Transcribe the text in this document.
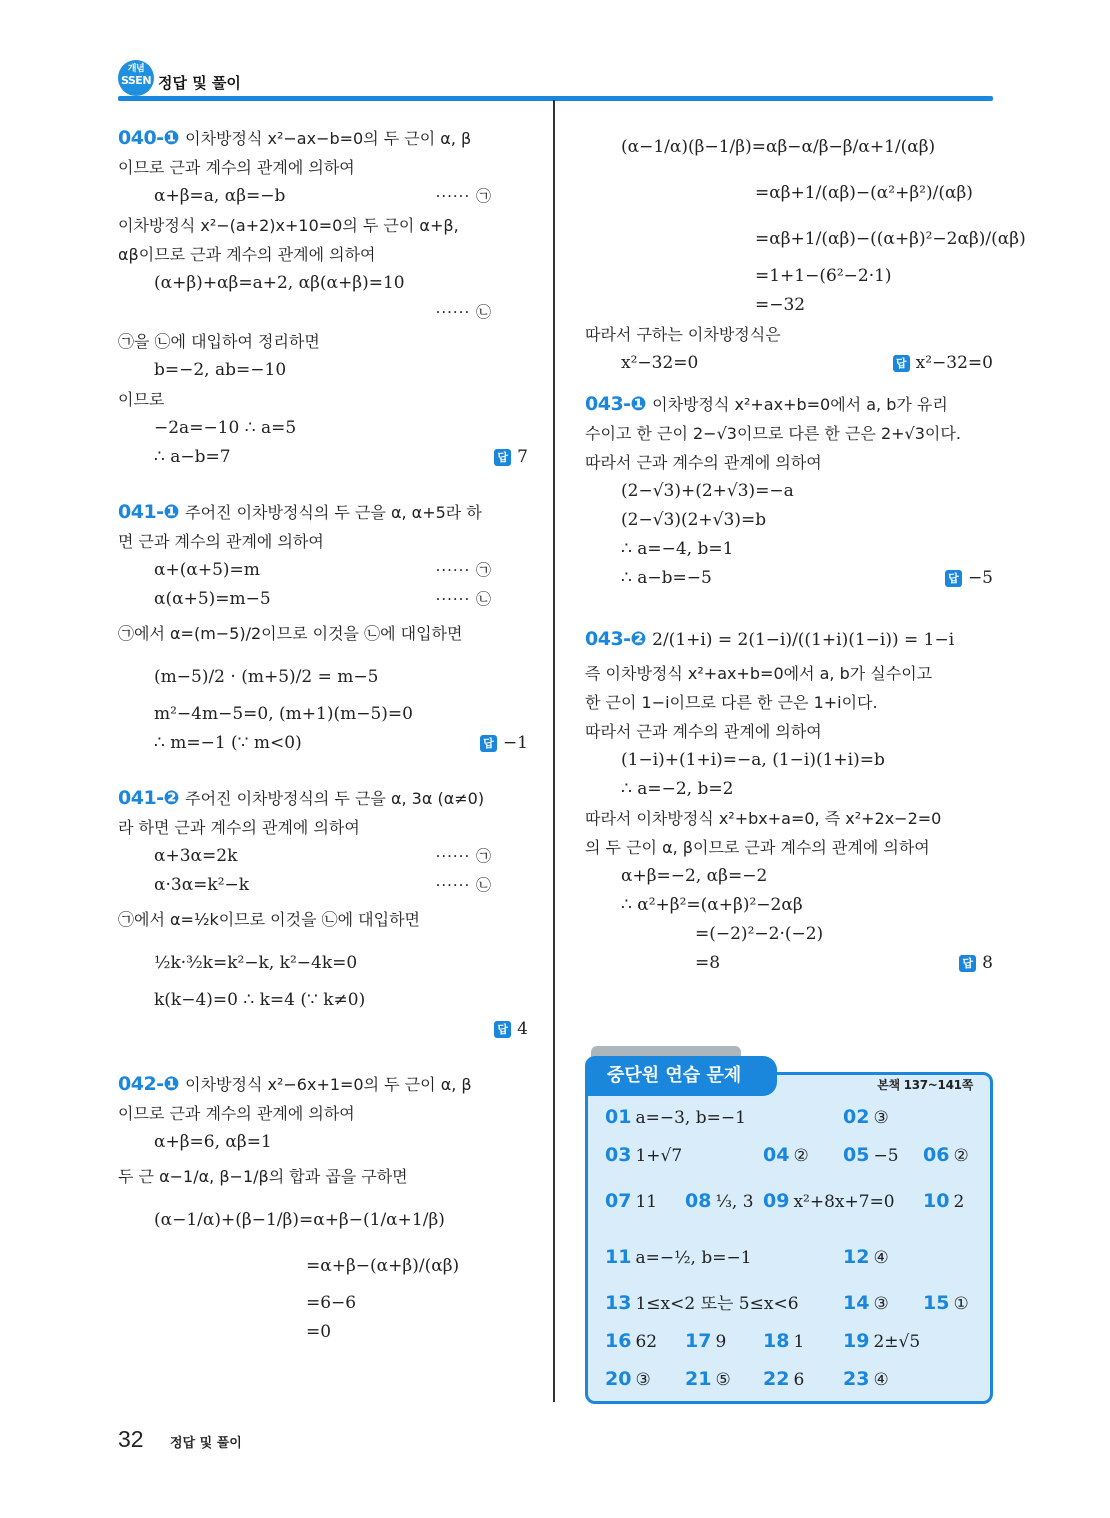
개념
SSEN 정답 및 풀이
040-❶ 이차방정식 x²−ax−b=0의 두 근이 α, β
이므로 근과 계수의 관계에 의하여
α+β=a, αβ=−b	······ ㉠
이차방정식 x²−(a+2)x+10=0의 두 근이 α+β,
αβ이므로 근과 계수의 관계에 의하여
(α+β)+αβ=a+2, αβ(α+β)=10
······ ㉡
㉠을 ㉡에 대입하여 정리하면
b=−2, ab=−10
이므로
−2a=−10 ∴ a=5
∴ a−b=7	답 7
041-❶ 주어진 이차방정식의 두 근을 α, α+5라 하
면 근과 계수의 관계에 의하여
α+(α+5)=m	······ ㉠
α(α+5)=m−5	······ ㉡
㉠에서 α=(m−5)/2이므로 이것을 ㉡에 대입하면
(m−5)/2 · (m+5)/2 = m−5
m²−4m−5=0, (m+1)(m−5)=0
∴ m=−1 (∵ m<0)	답 −1
041-❷ 주어진 이차방정식의 두 근을 α, 3α (α≠0)
라 하면 근과 계수의 관계에 의하여
α+3α=2k	······ ㉠
α·3α=k²−k	······ ㉡
㉠에서 α=½k이므로 이것을 ㉡에 대입하면
½k·³⁄₂k=k²−k, k²−4k=0
k(k−4)=0 ∴ k=4 (∵ k≠0)
답 4
042-❶ 이차방정식 x²−6x+1=0의 두 근이 α, β
이므로 근과 계수의 관계에 의하여
α+β=6, αβ=1
두 근 α−1/α, β−1/β의 합과 곱을 구하면
(α−1/α)+(β−1/β)=α+β−(1/α+1/β)
=α+β−(α+β)/(αβ)
=6−6
=0
(α−1/α)(β−1/β)=αβ−α/β−β/α+1/(αβ)
=αβ+1/(αβ)−(α²+β²)/(αβ)
=αβ+1/(αβ)−((α+β)²−2αβ)/(αβ)
=1+1−(6²−2·1)
=−32
따라서 구하는 이차방정식은
x²−32=0	답 x²−32=0
043-❶ 이차방정식 x²+ax+b=0에서 a, b가 유리
수이고 한 근이 2−√3이므로 다른 한 근은 2+√3이다.
따라서 근과 계수의 관계에 의하여
(2−√3)+(2+√3)=−a
(2−√3)(2+√3)=b
∴ a=−4, b=1
∴ a−b=−5	답 −5
043-❷ 2/(1+i) = 2(1−i)/((1+i)(1−i)) = 1−i
즉 이차방정식 x²+ax+b=0에서 a, b가 실수이고
한 근이 1−i이므로 다른 한 근은 1+i이다.
따라서 근과 계수의 관계에 의하여
(1−i)+(1+i)=−a, (1−i)(1+i)=b
∴ a=−2, b=2
따라서 이차방정식 x²+bx+a=0, 즉 x²+2x−2=0
의 두 근이 α, β이므로 근과 계수의 관계에 의하여
α+β=−2, αβ=−2
∴ α²+β²=(α+β)²−2αβ
=(−2)²−2·(−2)
=8	답 8
중단원 연습 문제	본책 137~141쪽
01 a=−3, b=−1	02 ③
03 1+√7	04 ② 05 −5 06 ②
07 11 08 ⅓, 3 09 x²+8x+7=0 10 2
11 a=−½, b=−1	12 ④
13 1≤x<2 또는 5≤x<6 14 ③ 15 ①
16 62 17 9 18 1 19 2±√5
20 ③ 21 ⑤ 22 6 23 ④
32 정답 및 풀이
